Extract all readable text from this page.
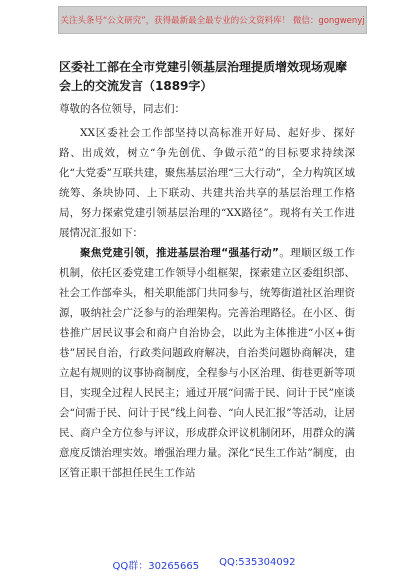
关注头条号“公文研究”，获得最新最全最专业的公文资料库！ 微信：gongwenyj
区委社工部在全市党建引领基层治理提质增效现场观摩会上的交流发言（1889字）

尊敬的各位领导，同志们：

XX区委社会工作部坚持以高标准开好局、起好步、探好路、出成效，树立“争先创优、争做示范”的目标要求持续深化“大党委”互联共建，聚焦基层治理“三大行动”，全力构筑区域统筹、条块协同、上下联动、共建共治共享的基层治理工作格局，努力探索党建引领基层治理的“XX路径”。现将有关工作进展情况汇报如下：

聚焦党建引领，推进基层治理“强基行动”。理顺区级工作机制，依托区委党建工作领导小组框架，探索建立区委组织部、社会工作部牵头，相关职能部门共同参与，统筹街道社区治理资源，吸纳社会广泛参与的治理架构。完善治理路径。在小区、街巷推广居民议事会和商户自治协会，以此为主体推进“小区+街巷”居民自治，行政类问题政府解决，自治类问题协商解决，建立起有规则的议事协商制度，全程参与小区治理、街巷更新等项目，实现全过程人民民主；通过开展“问需于民、问计于民”座谈会“问需于民、问计于民”线上问卷、“向人民汇报”等活动，让居民、商户全方位参与评议，形成群众评议机制闭环，用群众的满意度反馈治理实效。增强治理力量。深化“民生工作站”制度，由区管正职干部担任民生工作站

QQ群：30265665 QQ:535304092
